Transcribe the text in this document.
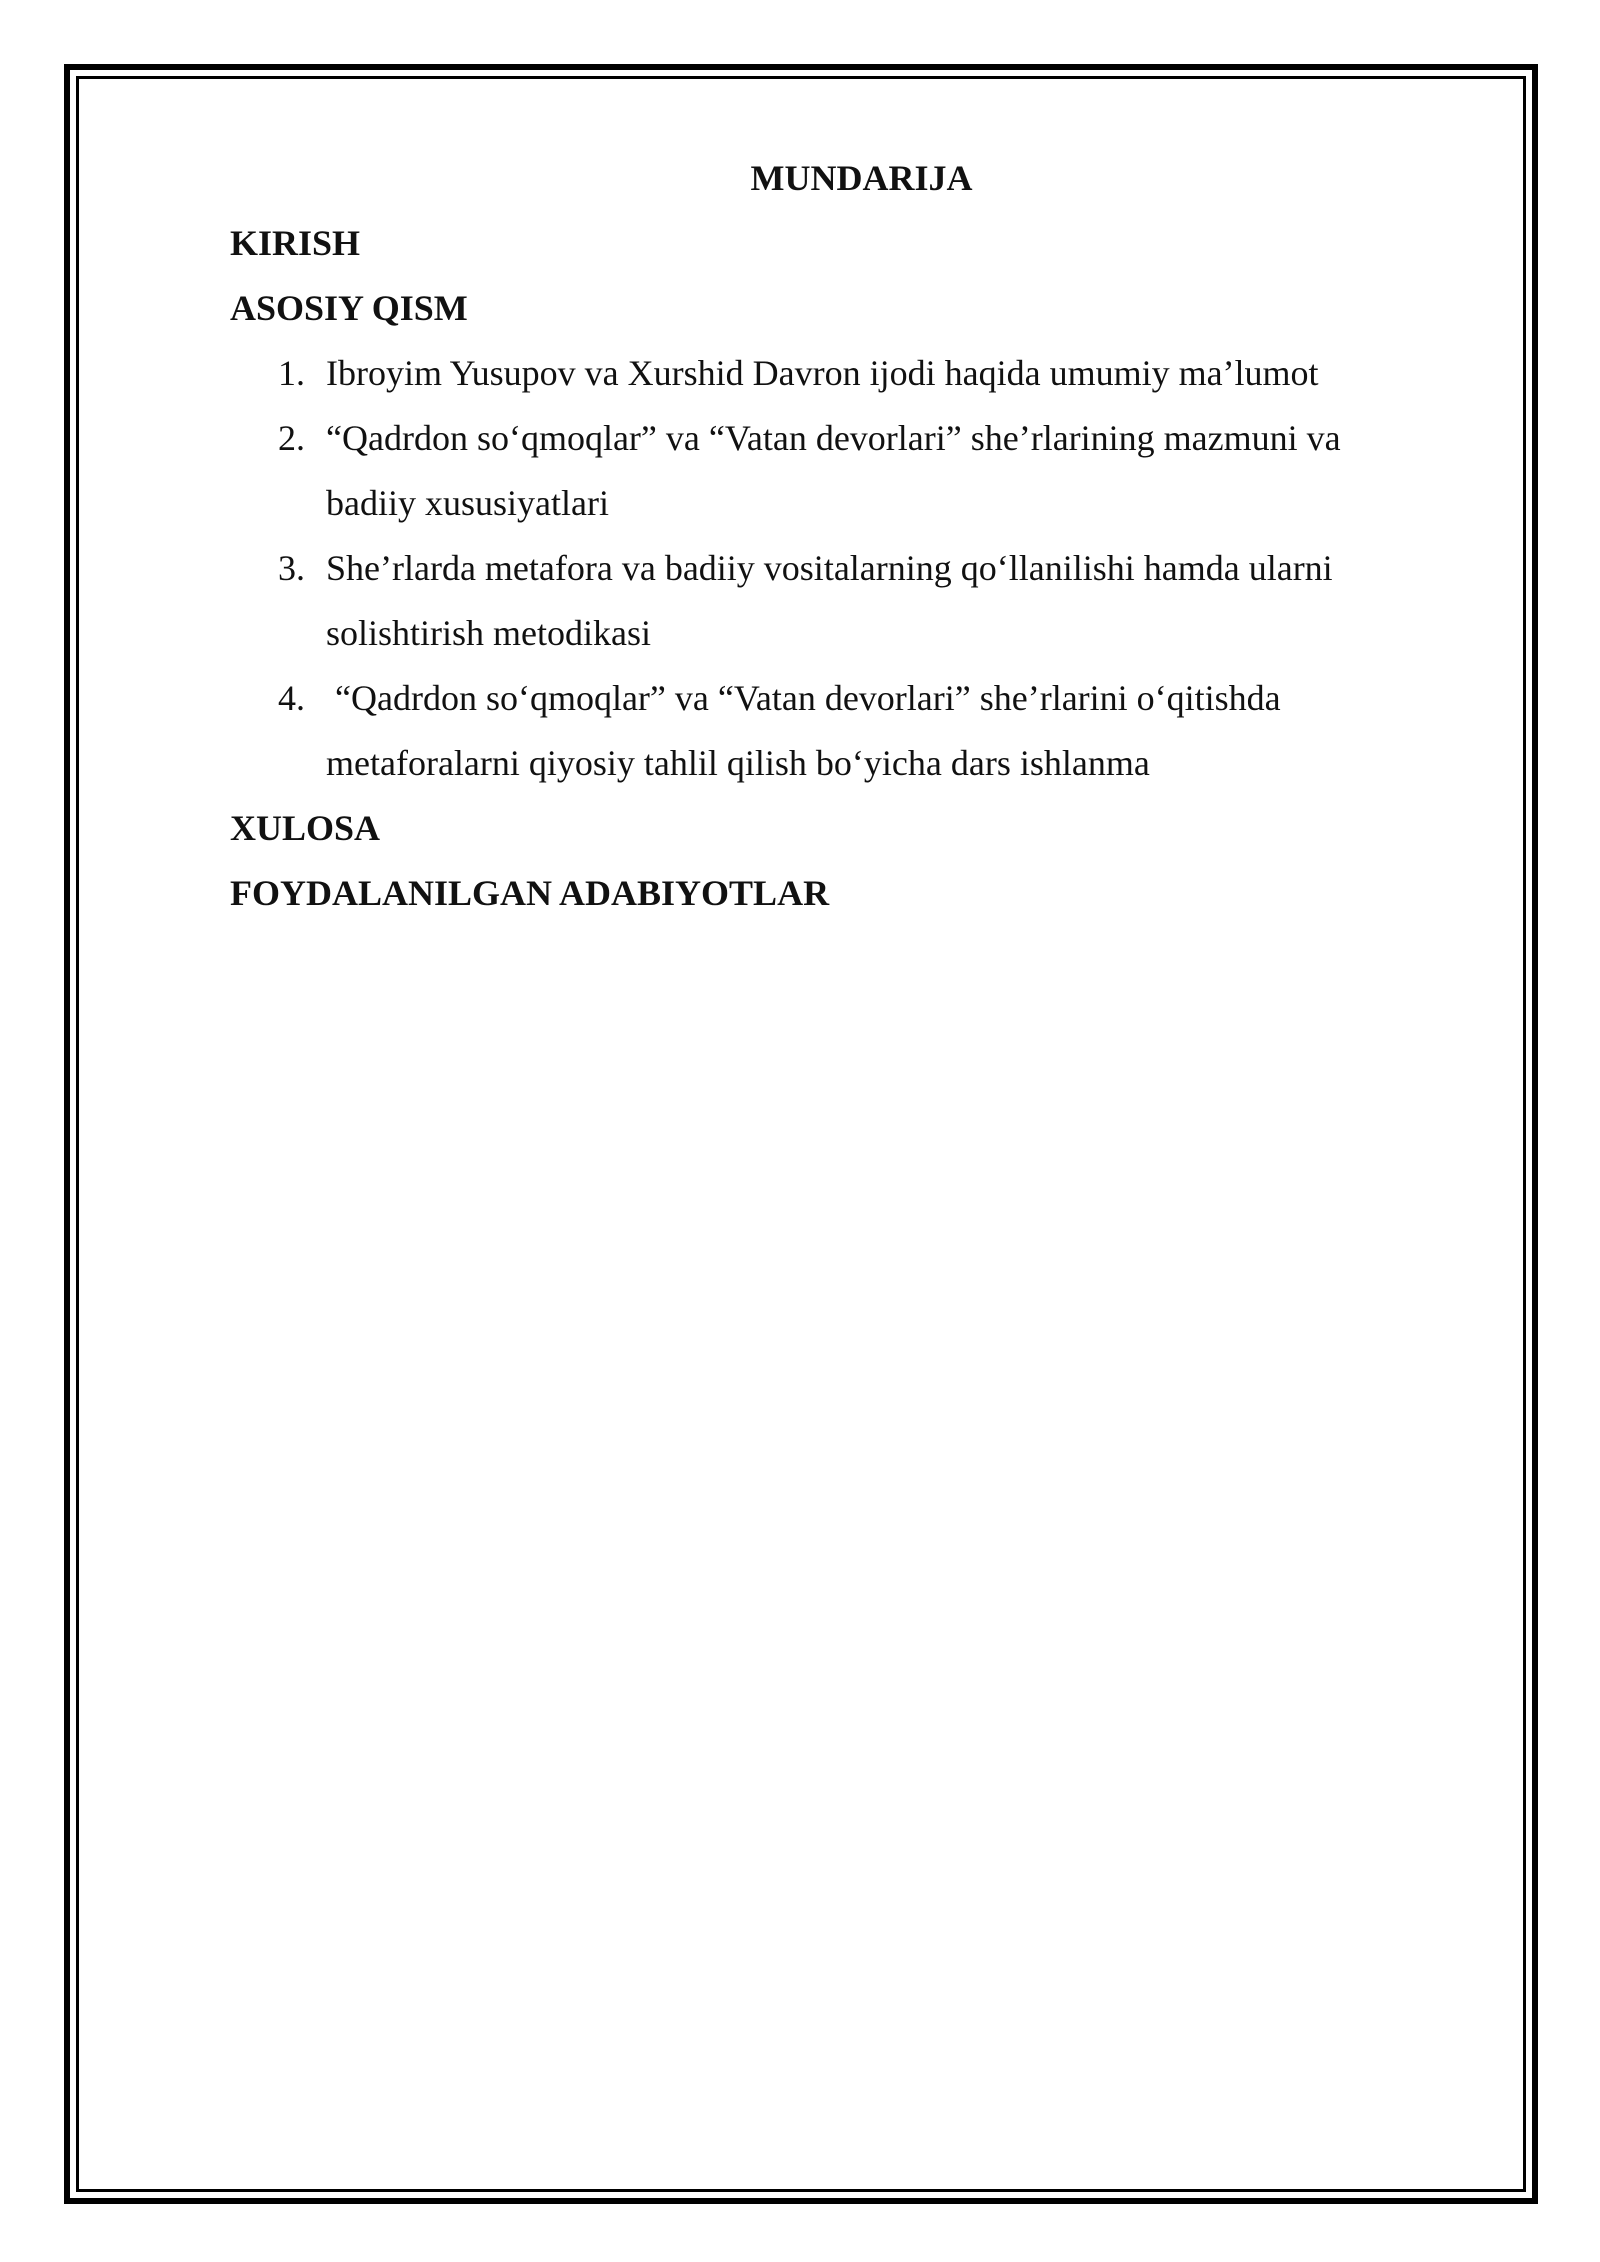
MUNDARIJA
KIRISH
ASOSIY QISM
1. Ibroyim Yusupov va Xurshid Davron ijodi haqida umumiy ma’lumot
2. “Qadrdon so‘qmoqlar” va “Vatan devorlari” she’rlarining mazmuni va badiiy xususiyatlari
3. She’rlarda metafora va badiiy vositalarning qo‘llanilishi hamda ularni solishtirish metodikasi
4. “Qadrdon so‘qmoqlar” va “Vatan devorlari” she’rlarini o‘qitishda metaforalarni qiyosiy tahlil qilish bo‘yicha dars ishlanma
XULOSA
FOYDALANILGAN ADABIYOTLAR
